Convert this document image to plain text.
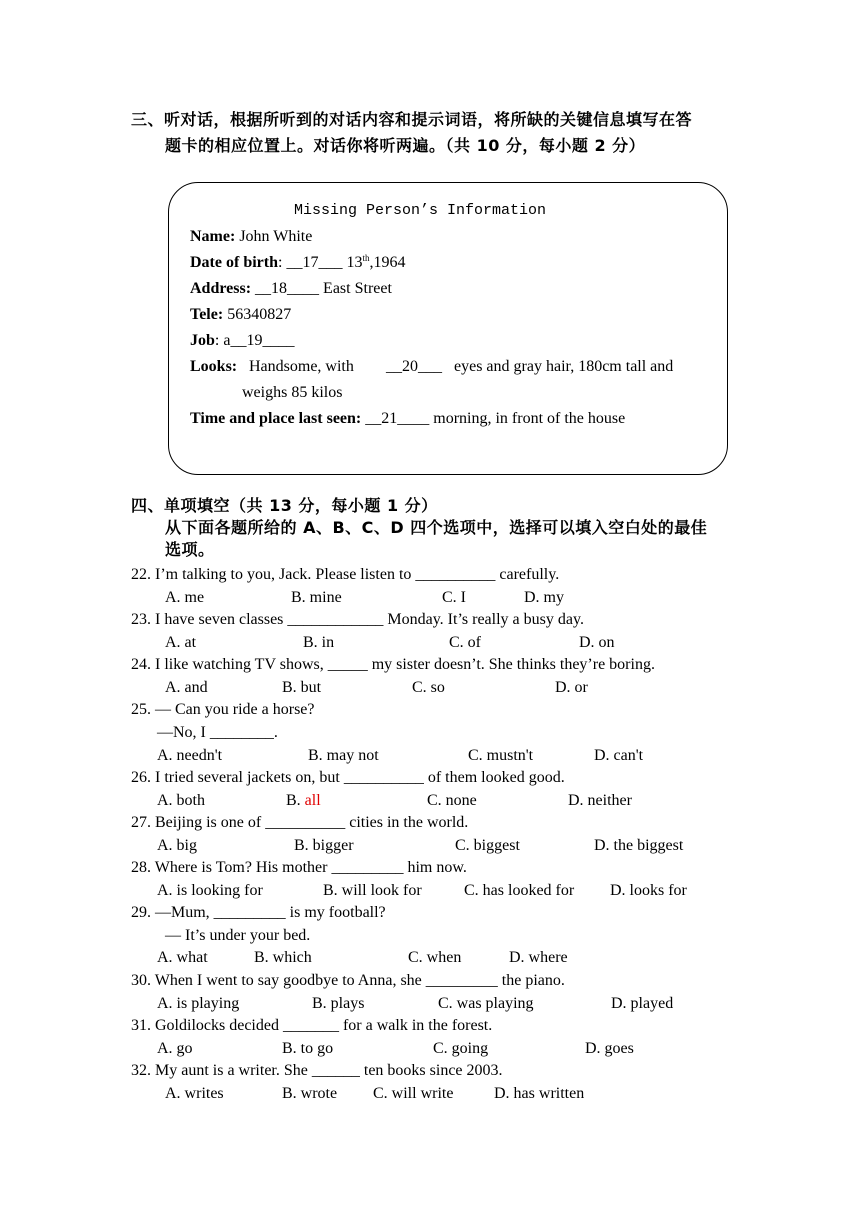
三、听对话，根据所听到的对话内容和提示词语，将所缺的关键信息填写在答
题卡的相应位置上。对话你将听两遍。（共 10 分，每小题 2 分）
Missing Person’s Information
Name: John White
Date of birth: __17___ 13th,1964
Address: __18____ East Street
Tele: 56340827
Job: a__19____
Looks: Handsome, with __20___ eyes and gray hair, 180cm tall and
weighs 85 kilos
Time and place last seen: __21____ morning, in front of the house
四、单项填空（共 13 分，每小题 1 分）
从下面各题所给的 A、B、C、D 四个选项中，选择可以填入空白处的最佳
选项。
22. I’m talking to you, Jack. Please listen to __________ carefully.
A. me	B. mine	C. I	D. my
23. I have seven classes ____________ Monday. It’s really a busy day.
A. at	B. in	C. of	D. on
24. I like watching TV shows, _____ my sister doesn’t. She thinks they’re boring.
A. and	B. but	C. so	D. or
25. — Can you ride a horse?
—No, I ________.
A. needn't	B. may not	C. mustn't	D. can't
26. I tried several jackets on, but __________ of them looked good.
A. both	B. all	C. none	D. neither
27. Beijing is one of __________ cities in the world.
A. big	B. bigger	C. biggest	D. the biggest
28. Where is Tom? His mother _________ him now.
A. is looking for	B. will look for	C. has looked for D. looks for
29. —Mum, _________ is my football?
— It’s under your bed.
A. what	B. which	C. when	D. where
30. When I went to say goodbye to Anna, she _________ the piano.
A. is playing	B. plays	C. was playing	D. played
31. Goldilocks decided _______ for a walk in the forest.
A. go	B. to go	C. going	D. goes
32. My aunt is a writer. She ______ ten books since 2003.
A. writes	B. wrote C. will write	D. has written
